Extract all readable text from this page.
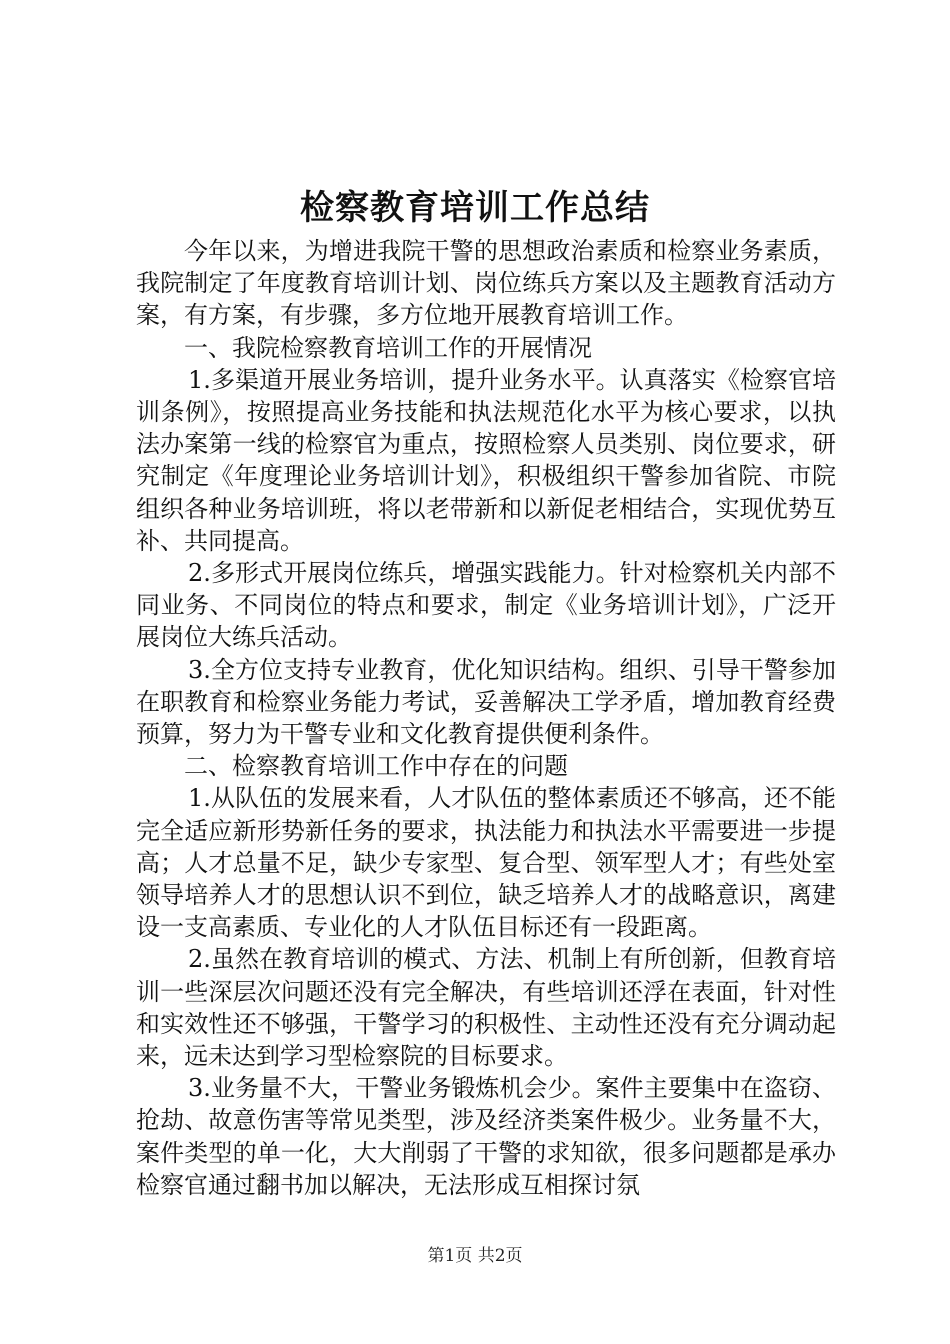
检察教育培训工作总结

今年以来，为增进我院干警的思想政治素质和检察业务素质，我院制定了年度教育培训计划、岗位练兵方案以及主题教育活动方案，有方案，有步骤，多方位地开展教育培训工作。

一、我院检察教育培训工作的开展情况

1.多渠道开展业务培训，提升业务水平。认真落实《检察官培训条例》，按照提高业务技能和执法规范化水平为核心要求，以执法办案第一线的检察官为重点，按照检察人员类别、岗位要求，研究制定《年度理论业务培训计划》，积极组织干警参加省院、市院组织各种业务培训班，将以老带新和以新促老相结合，实现优势互补、共同提高。

2.多形式开展岗位练兵，增强实践能力。针对检察机关内部不同业务、不同岗位的特点和要求，制定《业务培训计划》，广泛开展岗位大练兵活动。

3.全方位支持专业教育，优化知识结构。组织、引导干警参加在职教育和检察业务能力考试，妥善解决工学矛盾，增加教育经费预算，努力为干警专业和文化教育提供便利条件。

二、检察教育培训工作中存在的问题

1.从队伍的发展来看，人才队伍的整体素质还不够高，还不能完全适应新形势新任务的要求，执法能力和执法水平需要进一步提高；人才总量不足，缺少专家型、复合型、领军型人才；有些处室领导培养人才的思想认识不到位，缺乏培养人才的战略意识，离建设一支高素质、专业化的人才队伍目标还有一段距离。

2.虽然在教育培训的模式、方法、机制上有所创新，但教育培训一些深层次问题还没有完全解决，有些培训还浮在表面，针对性和实效性还不够强，干警学习的积极性、主动性还没有充分调动起来，远未达到学习型检察院的目标要求。

3.业务量不大，干警业务锻炼机会少。案件主要集中在盗窃、抢劫、故意伤害等常见类型，涉及经济类案件极少。业务量不大，案件类型的单一化，大大削弱了干警的求知欲，很多问题都是承办检察官通过翻书加以解决，无法形成互相探讨氛

第1页 共2页
